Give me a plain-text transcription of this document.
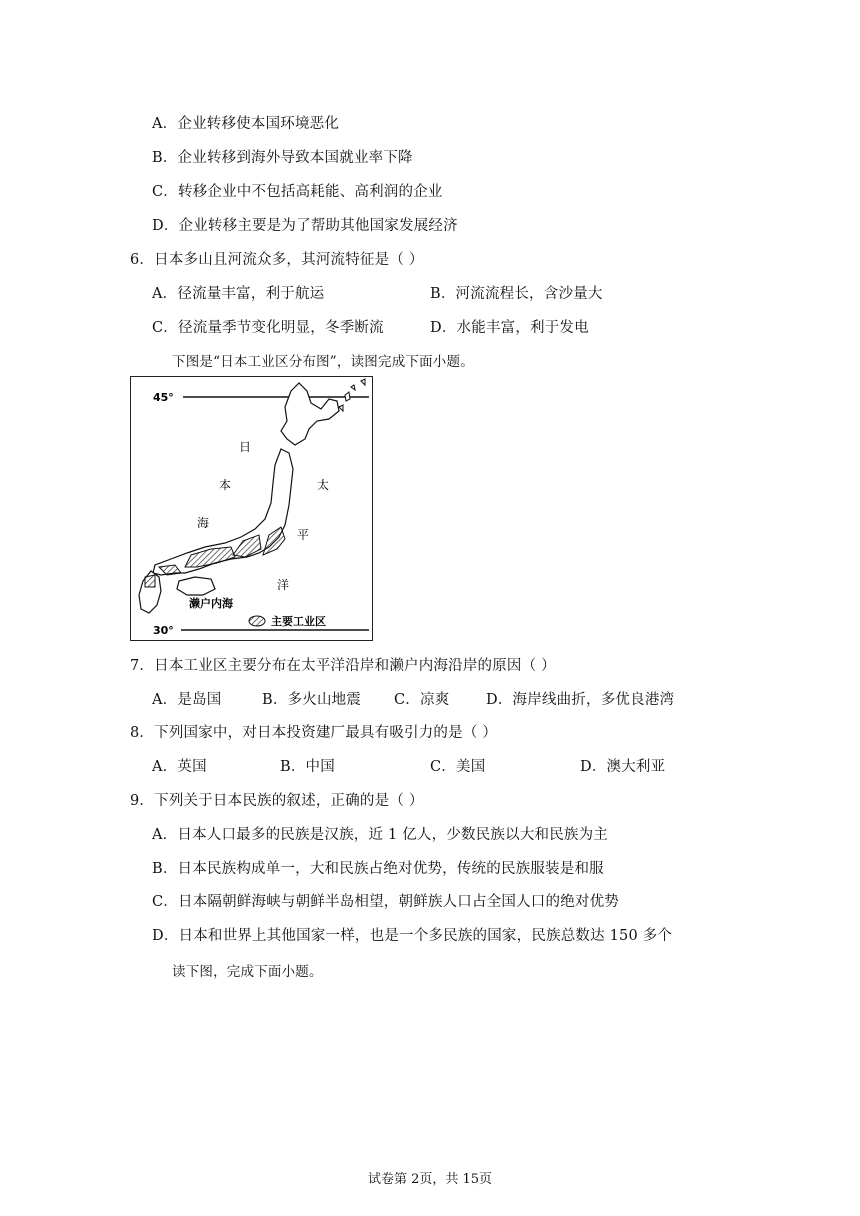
A．企业转移使本国环境恶化
B．企业转移到海外导致本国就业率下降
C．转移企业中不包括高耗能、高利润的企业
D．企业转移主要是为了帮助其他国家发展经济
6．日本多山且河流众多，其河流特征是（ ）
A．径流量丰富，利于航运	B．河流流程长，含沙量大
C．径流量季节变化明显，冬季断流	D．水能丰富，利于发电
下图是“日本工业区分布图”，读图完成下面小题。
45°
30°
日
本
海
太
平
洋
濑户内海
主要工业区
7．日本工业区主要分布在太平洋沿岸和濑户内海沿岸的原因（ ）
A．是岛国	B．多火山地震 C．凉爽	D．海岸线曲折，多优良港湾
8．下列国家中，对日本投资建厂最具有吸引力的是（ ）
A．英国	B．中国	C．美国	D．澳大利亚
9．下列关于日本民族的叙述，正确的是（ ）
A．日本人口最多的民族是汉族，近 1 亿人，少数民族以大和民族为主
B．日本民族构成单一，大和民族占绝对优势，传统的民族服装是和服
C．日本隔朝鲜海峡与朝鲜半岛相望，朝鲜族人口占全国人口的绝对优势
D．日本和世界上其他国家一样，也是一个多民族的国家，民族总数达 150 多个
读下图，完成下面小题。
试卷第 2页，共 15页
